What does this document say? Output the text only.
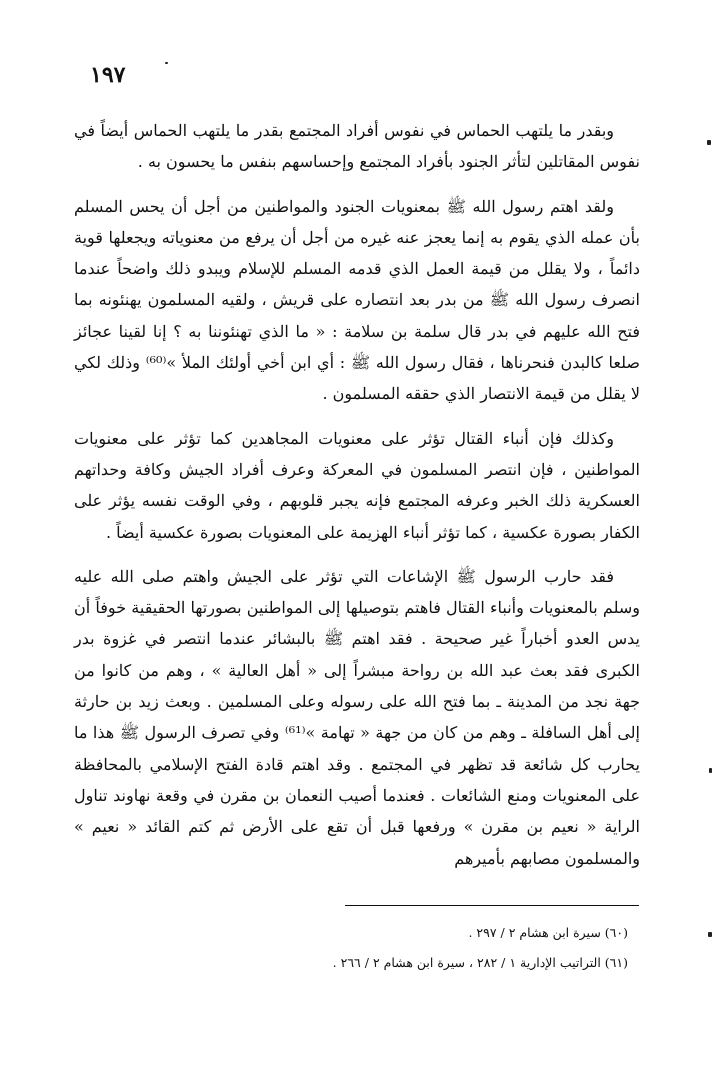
١٩٧

وبقدر ما يلتهب الحماس في نفوس أفراد المجتمع بقدر ما يلتهب الحماس أيضاً في نفوس المقاتلين لتأثر الجنود بأفراد المجتمع وإحساسهم بنفس ما يحسون به .

ولقد اهتم رسول الله ﷺ بمعنويات الجنود والمواطنين من أجل أن يحس المسلم بأن عمله الذي يقوم به إنما يعجز عنه غيره من أجل أن يرفع من معنوياته ويجعلها قوية دائماً ، ولا يقلل من قيمة العمل الذي قدمه المسلم للإسلام ويبدو ذلك واضحاً عندما انصرف رسول الله ﷺ من بدر بعد انتصاره على قريش ، ولقيه المسلمون يهنئونه بما فتح الله عليهم في بدر قال سلمة بن سلامة : « ما الذي تهنئوننا به ؟ إنا لقينا عجائز صلعا كالبدن فنحرناها ، فقال رسول الله ﷺ : أي ابن أخي أولئك الملأ »⁽⁶⁰⁾ وذلك لكي لا يقلل من قيمة الانتصار الذي حققه المسلمون .

وكذلك فإن أنباء القتال تؤثر على معنويات المجاهدين كما تؤثر على معنويات المواطنين ، فإن انتصر المسلمون في المعركة وعرف أفراد الجيش وكافة وحداتهم العسكرية ذلك الخبر وعرفه المجتمع فإنه يجبر قلوبهم ، وفي الوقت نفسه يؤثر على الكفار بصورة عكسية ، كما تؤثر أنباء الهزيمة على المعنويات بصورة عكسية أيضاً .

فقد حارب الرسول ﷺ الإشاعات التي تؤثر على الجيش واهتم صلى الله عليه وسلم بالمعنويات وأنباء القتال فاهتم بتوصيلها إلى المواطنين بصورتها الحقيقية خوفاً أن يدس العدو أخباراً غير صحيحة . فقد اهتم ﷺ بالبشائر عندما انتصر في غزوة بدر الكبرى فقد بعث عبد الله بن رواحة مبشراً إلى « أهل العالية » ، وهم من كانوا من جهة نجد من المدينة ـ بما فتح الله على رسوله وعلى المسلمين . وبعث زيد بن حارثة إلى أهل السافلة ـ وهم من كان من جهة « تهامة »⁽⁶¹⁾ وفي تصرف الرسول ﷺ هذا ما يحارب كل شائعة قد تظهر في المجتمع . وقد اهتم قادة الفتح الإسلامي بالمحافظة على المعنويات ومنع الشائعات . فعندما أصيب النعمان بن مقرن في وقعة نهاوند تناول الراية « نعيم بن مقرن » ورفعها قبل أن تقع على الأرض ثم كتم القائد « نعيم » والمسلمون مصابهم بأميرهم

(٦٠) سيرة ابن هشام ٢ / ٢٩٧ .
(٦١) التراتيب الإدارية ١ / ٢٨٢ ، سيرة ابن هشام ٢ / ٢٦٦ .
